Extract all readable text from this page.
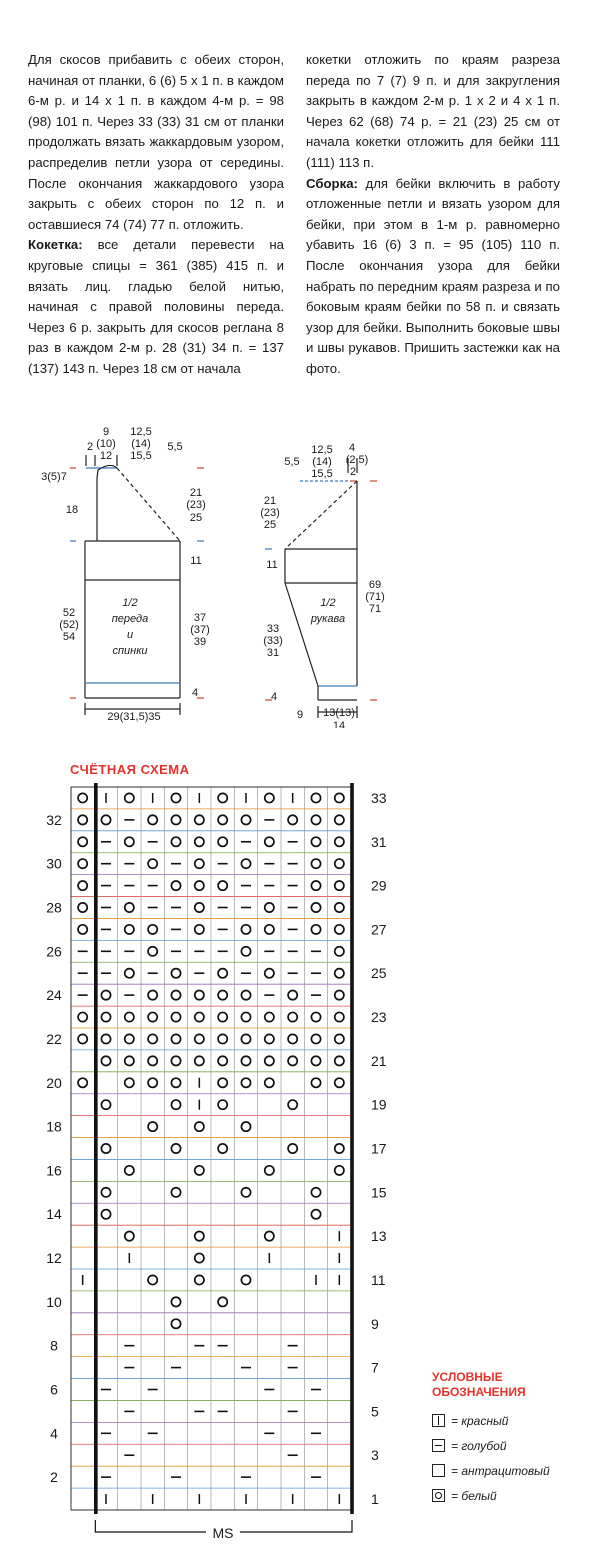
Для скосов прибавить с обеих сторон, начиная от планки, 6 (6) 5 х 1 п. в каждом 6-м р. и 14 х 1 п. в каждом 4-м р. = 98 (98) 101 п. Через 33 (33) 31 см от планки продолжать вязать жаккардовым узором, распределив петли узора от середины. После окончания жаккардового узора закрыть с обеих сторон по 12 п. и оставшиеся 74 (74) 77 п. отложить.

Кокетка: все детали перевести на круговые спицы = 361 (385) 415 п. и вязать лиц. гладью белой нитью, начиная с правой половины переда. Через 6 р. закрыть для скосов реглана 8 раз в каждом 2-м р. 28 (31) 34 п. = 137 (137) 143 п. Через 18 см от начала

кокетки отложить по краям разреза переда по 7 (7) 9 п. и для закругления закрыть в каждом 2-м р. 1 х 2 и 4 х 1 п. Через 62 (68) 74 р. = 21 (23) 25 см от начала кокетки отложить для бейки 111 (111) 113 п.

Сборка: для бейки включить в работу отложенные петли и вязать узором для бейки, при этом в 1-м р. равномерно убавить 16 (6) 3 п. = 95 (105) 110 п. После окончания узора для бейки набрать по передним краям разреза и по боковым краям бейки по 58 п. и связать узор для бейки. Выполнить боковые швы и швы рукавов. Пришить застежки как на фото.

2
9
(10)
12
12,5
(14)
15,5
5,5
3(5)7
18
21
(23)
25
11
52
(52)
54
37
(37)
39
4
29(31,5)35
1/2
переда
и
спинки
5,5
12,5
(14)
15,5
4
(2,5)
2
21
(23)
25
11
69
(71)
71
33
(33)
31
4
9 13(13)
14
1/2
рукава
СЧЁТНАЯ СХЕМА
1
2
3
4
5
6
7
8
9
10
11
12
13
14
15
16
17
18
19
20
21
22
23
24
25
26
27
28
29
30
31
32
33
MS
УСЛОВНЫЕ
ОБОЗНАЧЕНИЯ
= красный
= голубой
= антрацитовый
= белый
